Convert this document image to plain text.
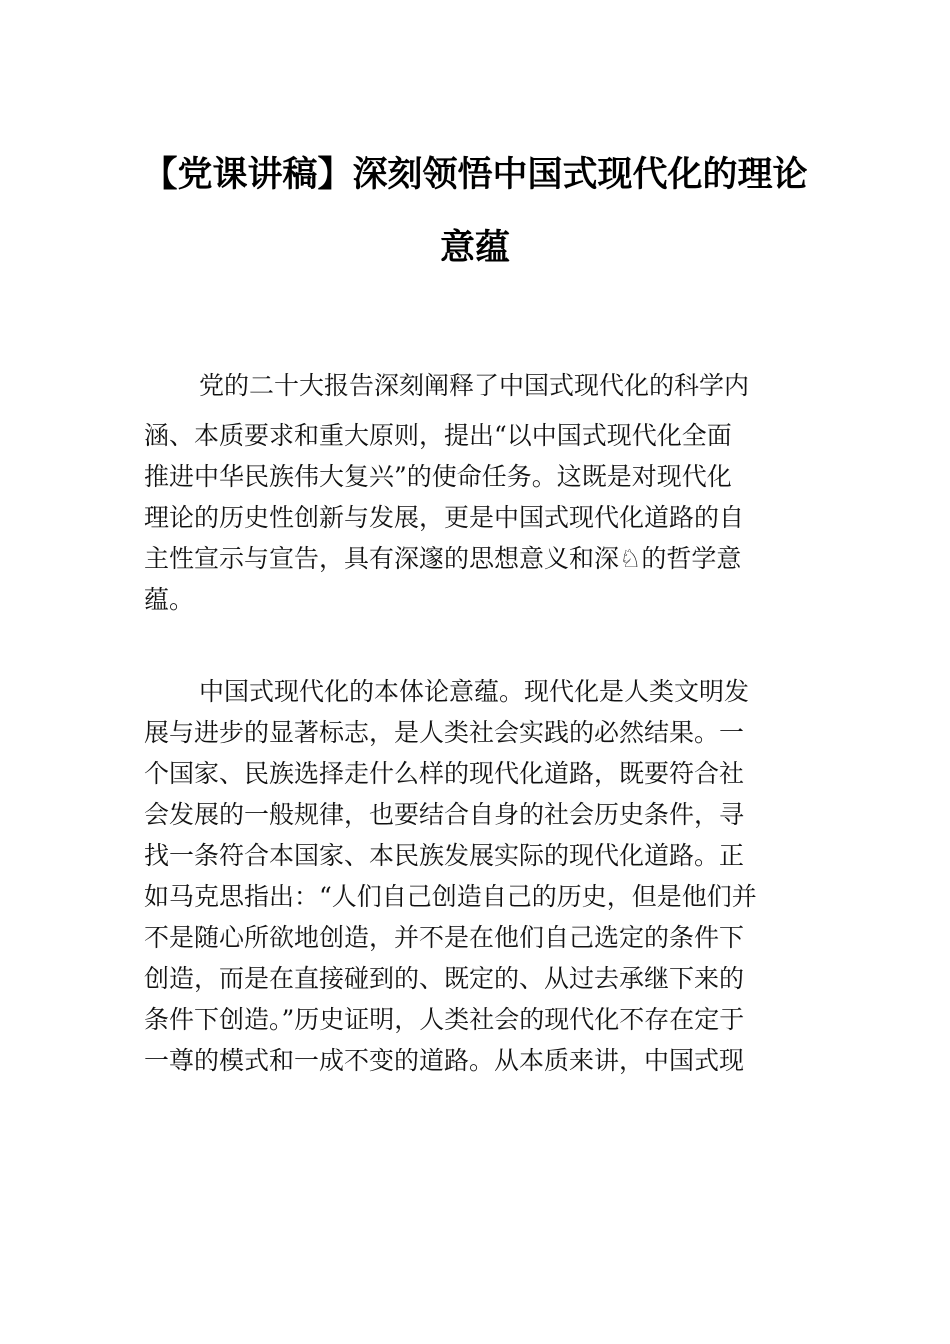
【党课讲稿】深刻领悟中国式现代化的理论
意蕴
党的二十大报告深刻阐释了中国式现代化的科学内
涵、本质要求和重大原则，提出“以中国式现代化全面
推进中华民族伟大复兴”的使命任务。这既是对现代化
理论的历史性创新与发展，更是中国式现代化道路的自
主性宣示与宣告，具有深邃的思想意义和深♘的哲学意
蕴。
中国式现代化的本体论意蕴。现代化是人类文明发
展与进步的显著标志，是人类社会实践的必然结果。一
个国家、民族选择走什么样的现代化道路，既要符合社
会发展的一般规律，也要结合自身的社会历史条件，寻
找一条符合本国家、本民族发展实际的现代化道路。正
如马克思指出：“人们自己创造自己的历史，但是他们并
不是随心所欲地创造，并不是在他们自己选定的条件下
创造，而是在直接碰到的、既定的、从过去承继下来的
条件下创造。”历史证明，人类社会的现代化不存在定于
一尊的模式和一成不变的道路。从本质来讲，中国式现
